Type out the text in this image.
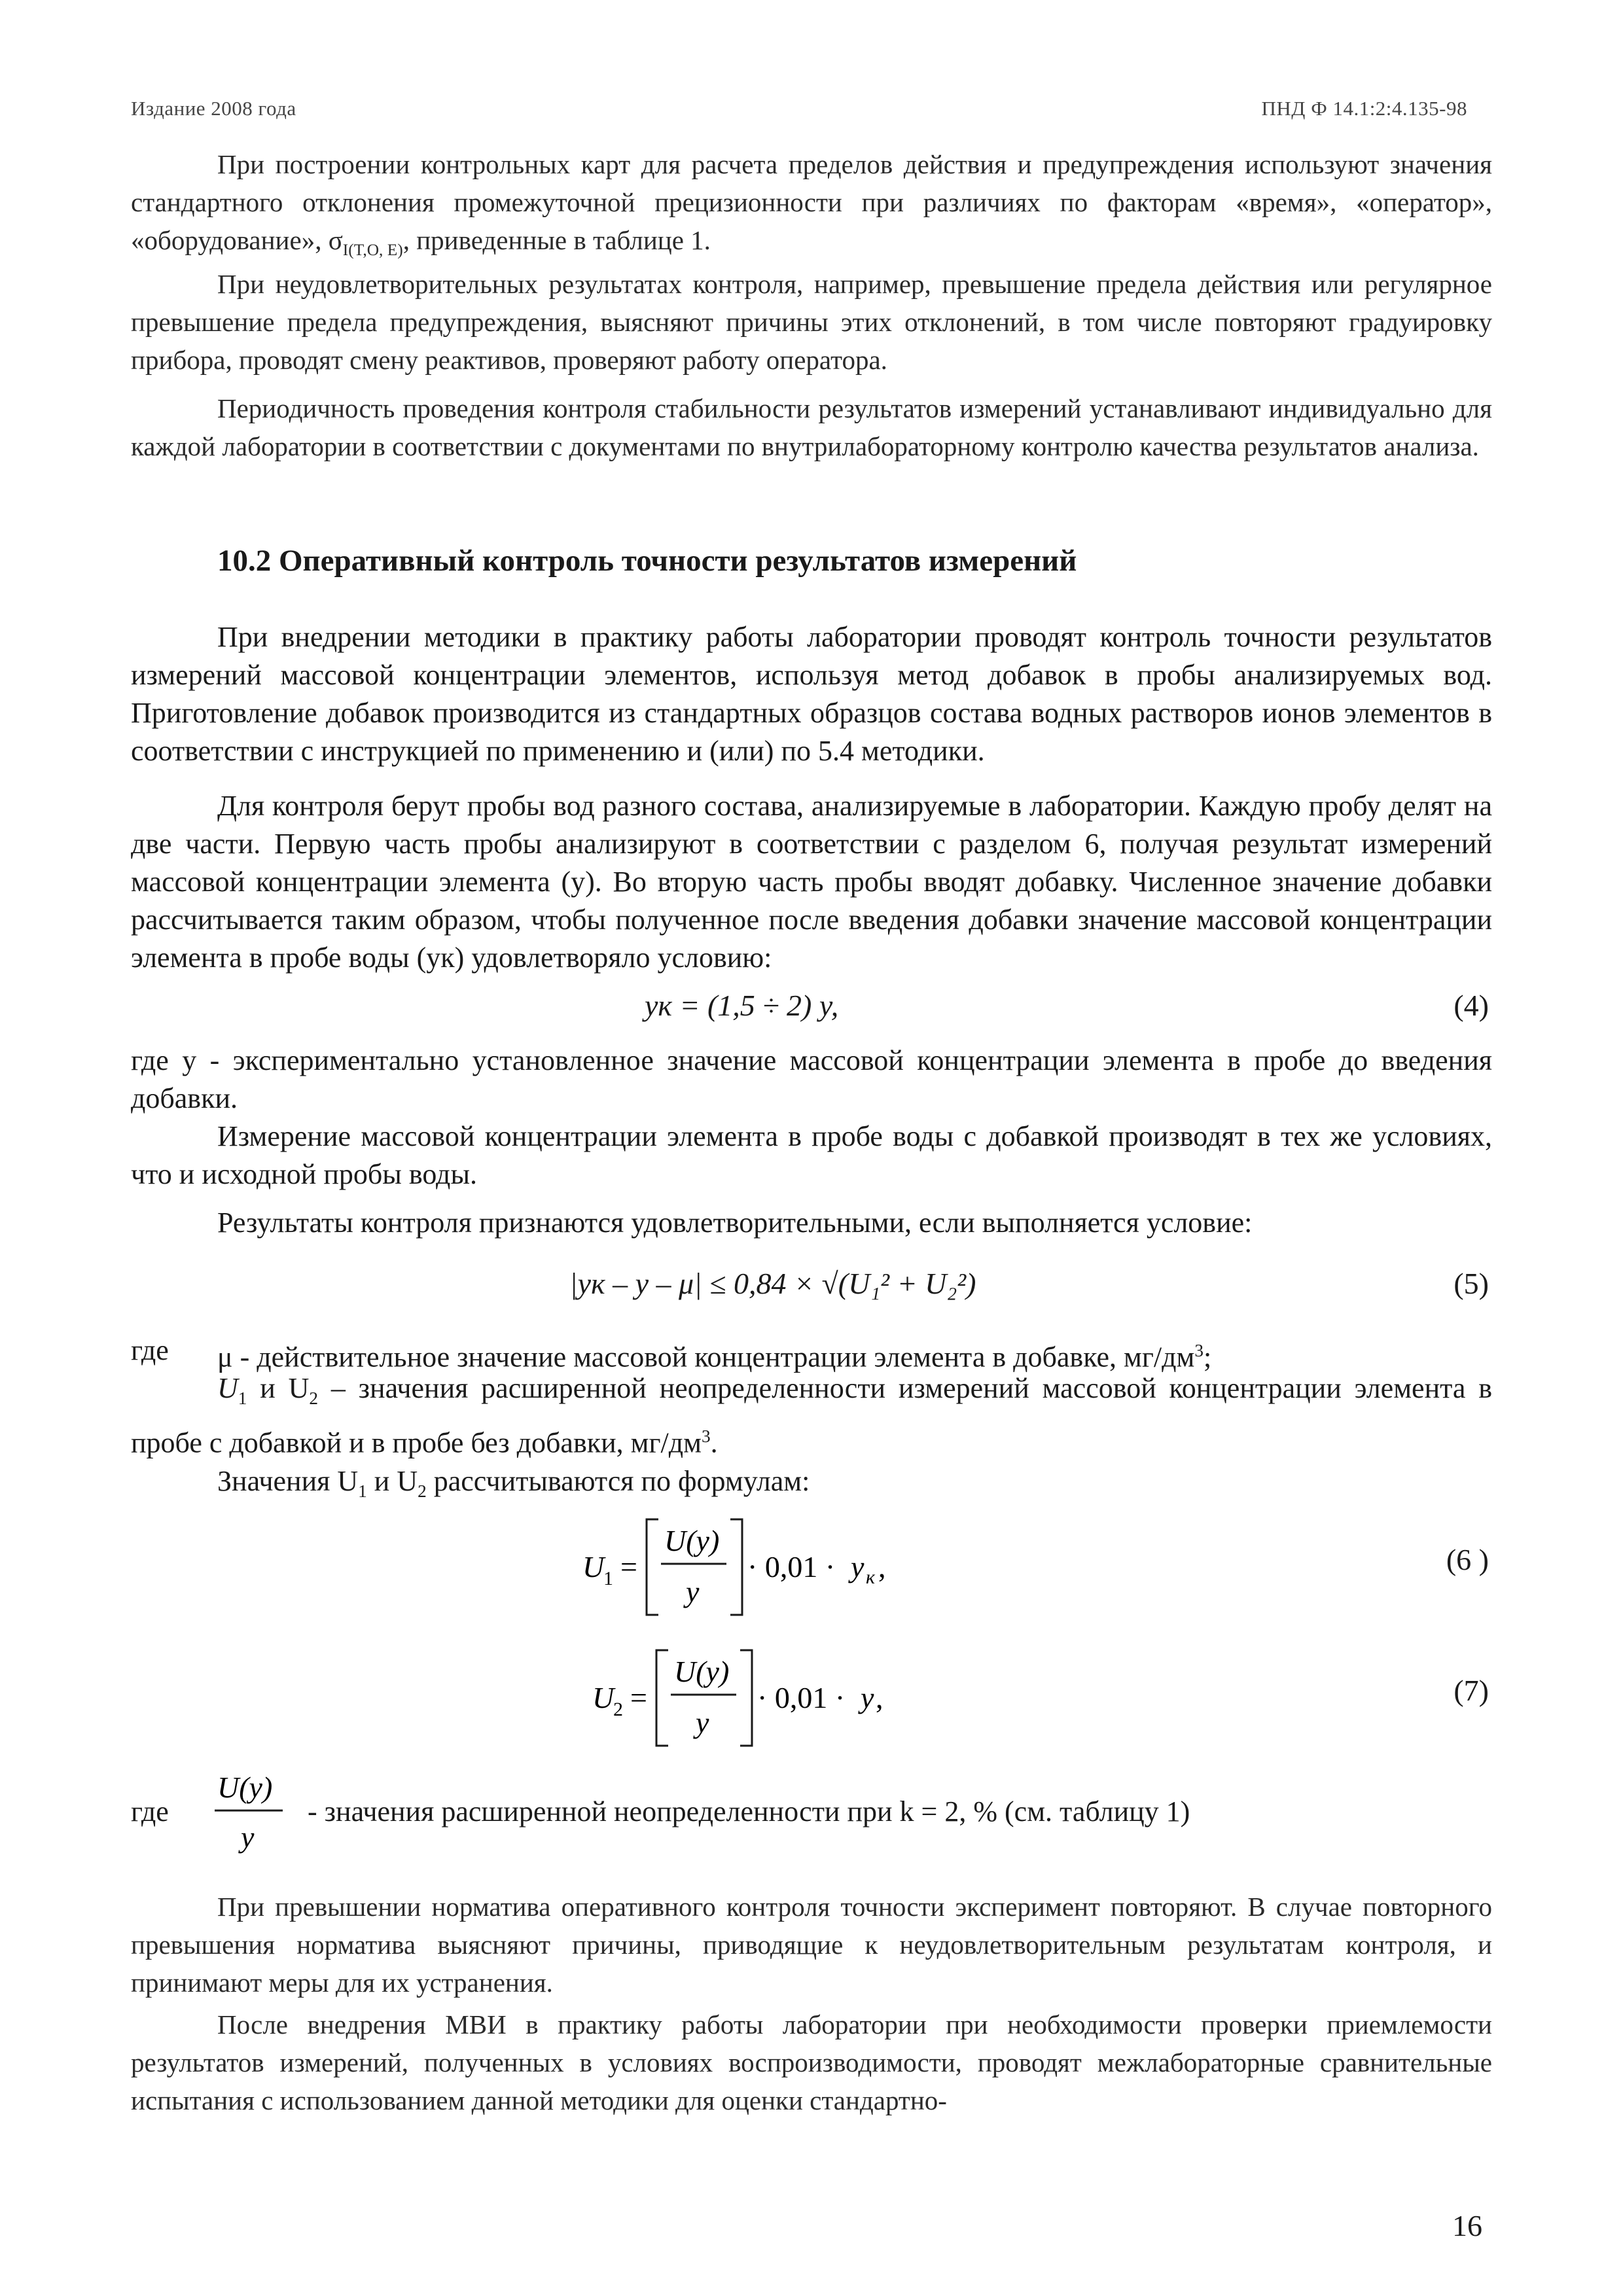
Издание 2008 года	ПНД Ф 14.1:2:4.135-98
При построении контрольных карт для расчета пределов действия и предупреждения используют значения стандартного отклонения промежуточной прецизионности при различиях по факторам «время», «оператор», «оборудование», $\sigma_{I(T,O, E)}$, приведенные в таблице 1.
При неудовлетворительных результатах контроля, например, превышение предела действия или регулярное превышение предела предупреждения, выясняют причины этих отклонений, в том числе повторяют градуировку прибора, проводят смену реактивов, проверяют работу оператора.
Периодичность проведения контроля стабильности результатов измерений устанавливают индивидуально для каждой лаборатории в соответствии с документами по внутрилабораторному контролю качества результатов анализа.
10.2 Оперативный контроль точности результатов измерений
При внедрении методики в практику работы лаборатории проводят контроль точности результатов измерений массовой концентрации элементов, используя метод добавок в пробы анализируемых вод. Приготовление добавок производится из стандартных образцов состава водных растворов ионов элементов в соответствии с инструкцией по применению и (или) по 5.4 методики.
Для контроля берут пробы вод разного состава, анализируемые в лаборатории. Каждую пробу делят на две части. Первую часть пробы анализируют в соответствии с разделом 6, получая результат измерений массовой концентрации элемента (y). Во вторую часть пробы вводят добавку. Численное значение добавки рассчитывается таким образом, чтобы полученное после введения добавки значение массовой концентрации элемента в пробе воды (yк) удовлетворяло условию:
yк = (1,5 ÷ 2) y,	(4)
где y - экспериментально установленное значение массовой концентрации элемента в пробе до введения добавки.
Измерение массовой концентрации элемента в пробе воды с добавкой производят в тех же условиях, что и исходной пробы воды.
Результаты контроля признаются удовлетворительными, если выполняется условие:
|yк – y – μ| ≤ 0,84 × √(U₁² + U₂²)	(5)
где	μ - действительное значение массовой концентрации элемента в добавке, $мг/дм^3$;
$U_1$ и $U_2$ – значения расширенной неопределенности измерений массовой концентрации элемента в пробе с добавкой и в пробе без добавки, $мг/дм^3$.
Значения $U_1$ и $U_2$ рассчитываются по формулам:
U
1 =
U(y)
y
· 0,01 · y к ,	(6 )
U
2 =
U(y)
y
· 0,01 · y ,	(7)
где
U(y)
y
- значения расширенной неопределенности при k = 2, % (см. таблицу 1)
При превышении норматива оперативного контроля точности эксперимент повторяют. В случае повторного превышения норматива выясняют причины, приводящие к неудовлетворительным результатам контроля, и принимают меры для их устранения.
После внедрения МВИ в практику работы лаборатории при необходимости проверки приемлемости результатов измерений, полученных в условиях воспроизводимости, проводят межлабораторные сравнительные испытания с использованием данной методики для оценки стандартно-
16
